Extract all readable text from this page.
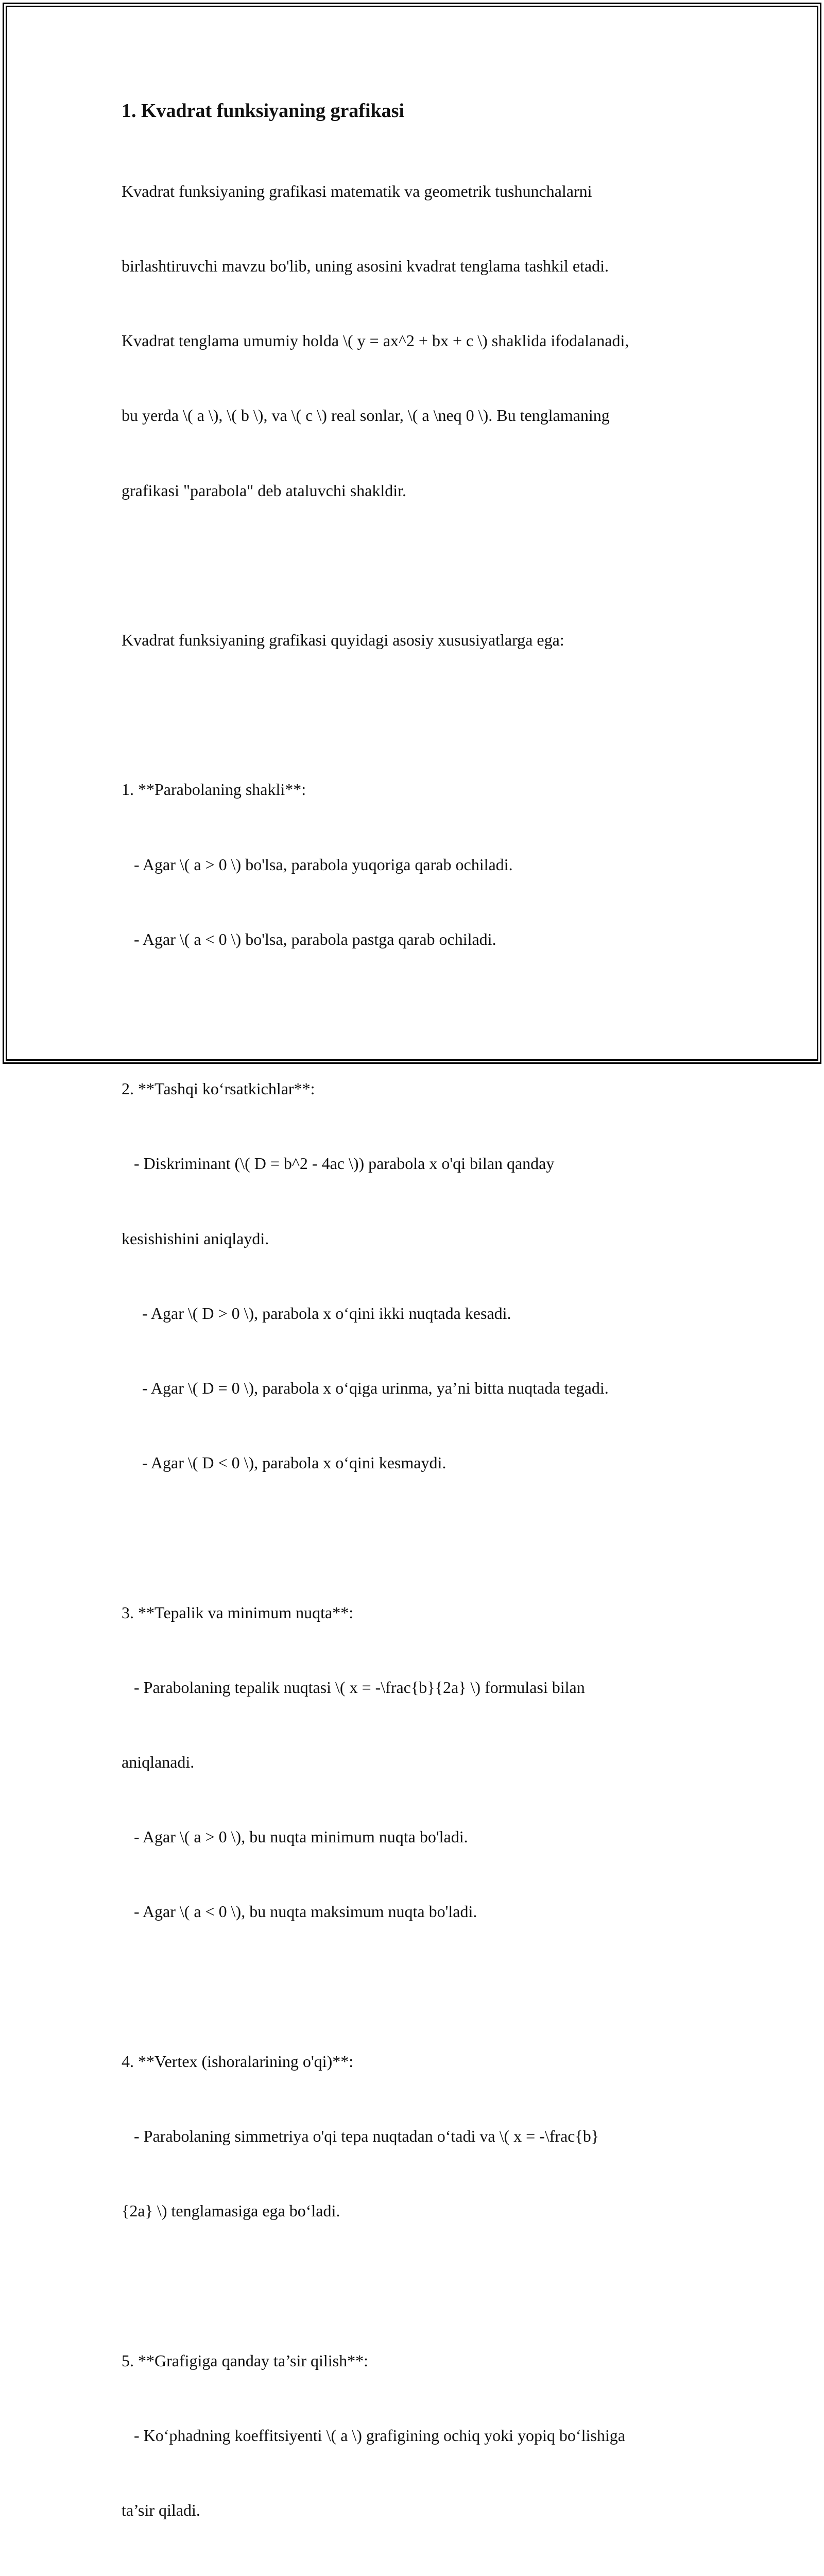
1. Kvadrat funksiyaning grafikasi

Kvadrat funksiyaning grafikasi matematik va geometrik tushunchalarni

birlashtiruvchi mavzu bo'lib, uning asosini kvadrat tenglama tashkil etadi.

Kvadrat tenglama umumiy holda \( y = ax^2 + bx + c \) shaklida ifodalanadi,

bu yerda \( a \), \( b \), va \( c \) real sonlar, \( a \neq 0 \). Bu tenglamaning

grafikasi "parabola" deb ataluvchi shakldir.

Kvadrat funksiyaning grafikasi quyidagi asosiy xususiyatlarga ega:

1. **Parabolaning shakli**:

- Agar \( a > 0 \) bo'lsa, parabola yuqoriga qarab ochiladi.

- Agar \( a < 0 \) bo'lsa, parabola pastga qarab ochiladi.

2. **Tashqi ko‘rsatkichlar**:

- Diskriminant (\( D = b^2 - 4ac \)) parabola x o'qi bilan qanday

kesishishini aniqlaydi.

- Agar \( D > 0 \), parabola x o‘qini ikki nuqtada kesadi.

- Agar \( D = 0 \), parabola x o‘qiga urinma, ya’ni bitta nuqtada tegadi.

- Agar \( D < 0 \), parabola x o‘qini kesmaydi.

3. **Tepalik va minimum nuqta**:

- Parabolaning tepalik nuqtasi \( x = -\frac{b}{2a} \) formulasi bilan

aniqlanadi.

- Agar \( a > 0 \), bu nuqta minimum nuqta bo'ladi.

- Agar \( a < 0 \), bu nuqta maksimum nuqta bo'ladi.

4. **Vertex (ishoralarining o'qi)**:

- Parabolaning simmetriya o'qi tepa nuqtadan o‘tadi va \( x = -\frac{b}

{2a} \) tenglamasiga ega bo‘ladi.

5. **Grafigiga qanday ta’sir qilish**:

- Ko‘phadning koeffitsiyenti \( a \) grafigining ochiq yoki yopiq bo‘lishiga

ta’sir qiladi.
